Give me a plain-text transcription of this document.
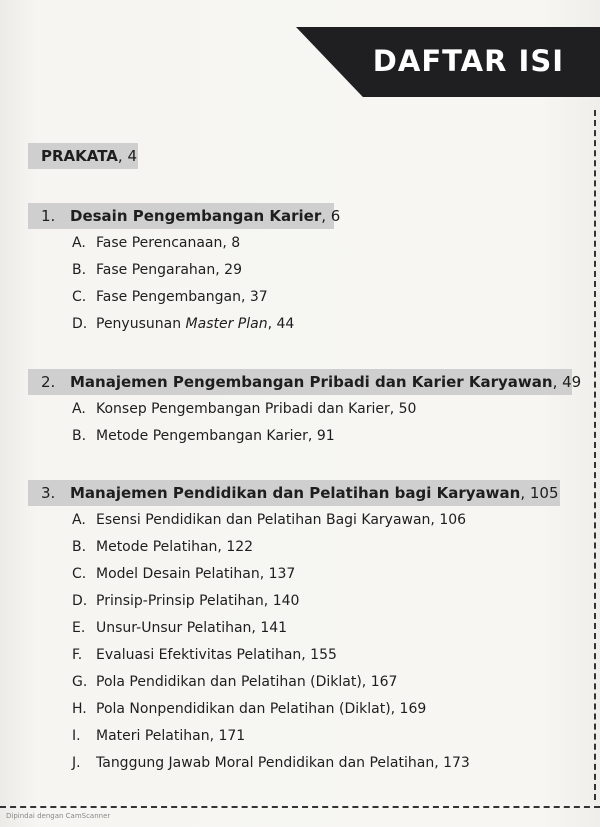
DAFTAR ISI
Dipindai dengan CamScanner
PRAKATA, 4
1. Desain Pengembangan Karier, 6
A. Fase Perencanaan, 8
B. Fase Pengarahan, 29
C. Fase Pengembangan, 37
D. Penyusunan Master Plan, 44
2. Manajemen Pengembangan Pribadi dan Karier Karyawan, 49
A. Konsep Pengembangan Pribadi dan Karier, 50
B. Metode Pengembangan Karier, 91
3. Manajemen Pendidikan dan Pelatihan bagi Karyawan, 105
A. Esensi Pendidikan dan Pelatihan Bagi Karyawan, 106
B. Metode Pelatihan, 122
C. Model Desain Pelatihan, 137
D. Prinsip-Prinsip Pelatihan, 140
E. Unsur-Unsur Pelatihan, 141
F. Evaluasi Efektivitas Pelatihan, 155
G. Pola Pendidikan dan Pelatihan (Diklat), 167
H. Pola Nonpendidikan dan Pelatihan (Diklat), 169
I. Materi Pelatihan, 171
J. Tanggung Jawab Moral Pendidikan dan Pelatihan, 173
